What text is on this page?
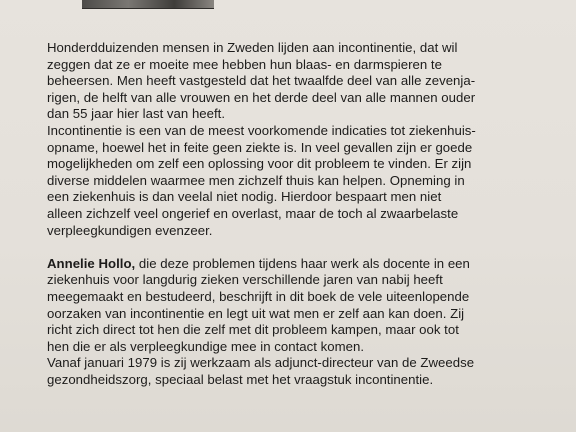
Honderdduizenden mensen in Zweden lijden aan incontinentie, dat wil
zeggen dat ze er moeite mee hebben hun blaas- en darmspieren te
beheersen. Men heeft vastgesteld dat het twaalfde deel van alle zevenja-
rigen, de helft van alle vrouwen en het derde deel van alle mannen ouder
dan 55 jaar hier last van heeft.
Incontinentie is een van de meest voorkomende indicaties tot ziekenhuis-
opname, hoewel het in feite geen ziekte is. In veel gevallen zijn er goede
mogelijkheden om zelf een oplossing voor dit probleem te vinden. Er zijn
diverse middelen waarmee men zichzelf thuis kan helpen. Opneming in
een ziekenhuis is dan veelal niet nodig. Hierdoor bespaart men niet
alleen zichzelf veel ongerief en overlast, maar de toch al zwaarbelaste
verpleegkundigen evenzeer.
Annelie Hollo, die deze problemen tijdens haar werk als docente in een
ziekenhuis voor langdurig zieken verschillende jaren van nabij heeft
meegemaakt en bestudeerd, beschrijft in dit boek de vele uiteenlopende
oorzaken van incontinentie en legt uit wat men er zelf aan kan doen. Zij
richt zich direct tot hen die zelf met dit probleem kampen, maar ook tot
hen die er als verpleegkundige mee in contact komen.
Vanaf januari 1979 is zij werkzaam als adjunct-directeur van de Zweedse
gezondheidszorg, speciaal belast met het vraagstuk incontinentie.
